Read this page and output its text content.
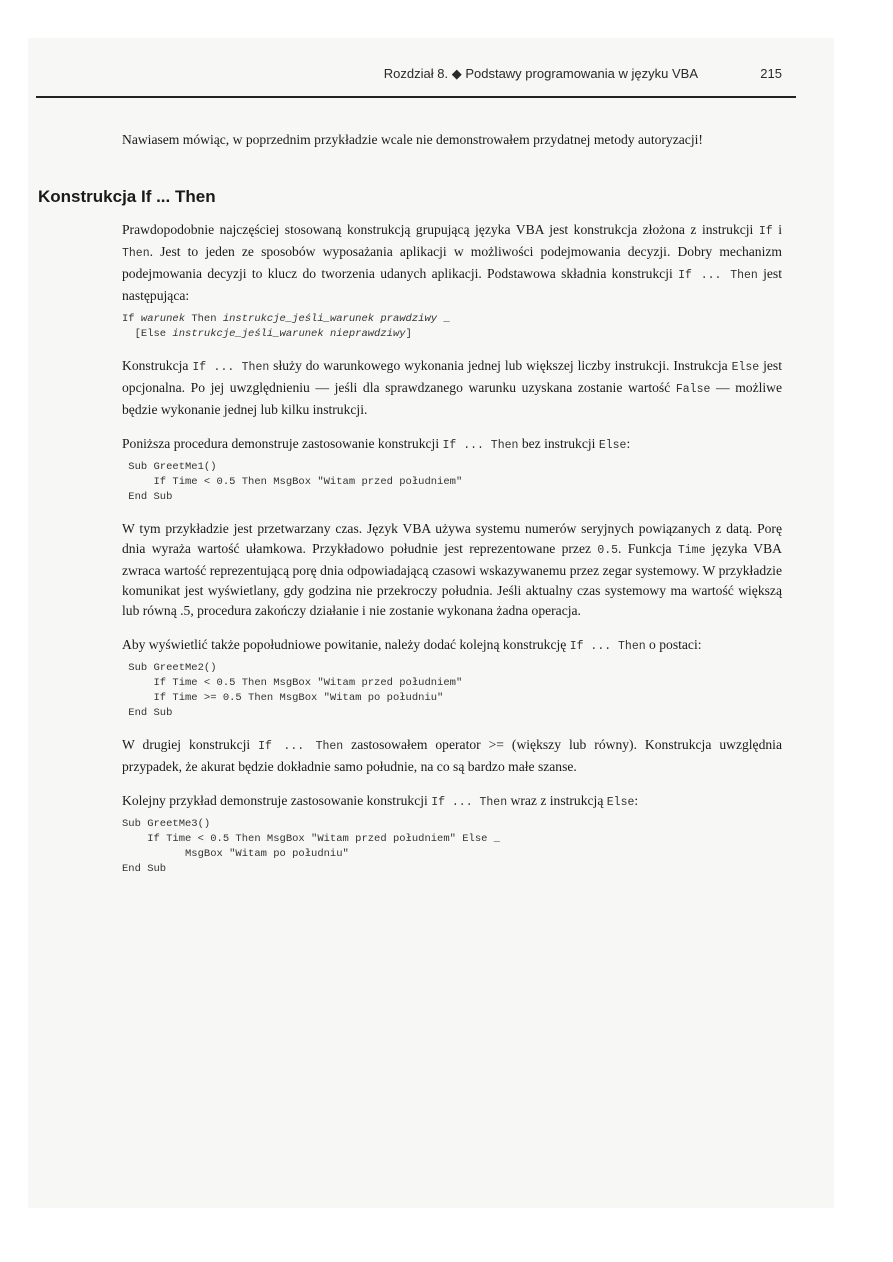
Rozdział 8. ◆ Podstawy programowania w języku VBA	215
Konstrukcja If ... Then

Nawiasem mówiąc, w poprzednim przykładzie wcale nie demonstrowałem przydatnej metody autoryzacji!

Prawdopodobnie najczęściej stosowaną konstrukcją grupującą języka VBA jest konstrukcja złożona z instrukcji If i Then. Jest to jeden ze sposobów wyposażania aplikacji w możliwości podejmowania decyzji. Dobry mechanizm podejmowania decyzji to klucz do tworzenia udanych aplikacji. Podstawowa składnia konstrukcji If ... Then jest następująca:

If warunek Then instrukcje_jeśli_warunek prawdziwy _
[Else instrukcje_jeśli_warunek nieprawdziwy]

Konstrukcja If ... Then służy do warunkowego wykonania jednej lub większej liczby instrukcji. Instrukcja Else jest opcjonalna. Po jej uwzględnieniu — jeśli dla sprawdzanego warunku uzyskana zostanie wartość False — możliwe będzie wykonanie jednej lub kilku instrukcji.

Poniższa procedura demonstruje zastosowanie konstrukcji If ... Then bez instrukcji Else:

Sub GreetMe1()
If Time < 0.5 Then MsgBox "Witam przed południem"
End Sub

W tym przykładzie jest przetwarzany czas. Język VBA używa systemu numerów seryjnych powiązanych z datą. Porę dnia wyraża wartość ułamkowa. Przykładowo południe jest reprezentowane przez 0.5. Funkcja Time języka VBA zwraca wartość reprezentującą porę dnia odpowiadającą czasowi wskazywanemu przez zegar systemowy. W przykładzie komunikat jest wyświetlany, gdy godzina nie przekroczy południa. Jeśli aktualny czas systemowy ma wartość większą lub równą .5, procedura zakończy działanie i nie zostanie wykonana żadna operacja.

Aby wyświetlić także popołudniowe powitanie, należy dodać kolejną konstrukcję If ... Then o postaci:

Sub GreetMe2()
If Time < 0.5 Then MsgBox "Witam przed południem"
If Time >= 0.5 Then MsgBox "Witam po południu"
End Sub

W drugiej konstrukcji If ... Then zastosowałem operator >= (większy lub równy). Konstrukcja uwzględnia przypadek, że akurat będzie dokładnie samo południe, na co są bardzo małe szanse.

Kolejny przykład demonstruje zastosowanie konstrukcji If ... Then wraz z instrukcją Else:

Sub GreetMe3()
If Time < 0.5 Then MsgBox "Witam przed południem" Else _
MsgBox "Witam po południu"
End Sub
